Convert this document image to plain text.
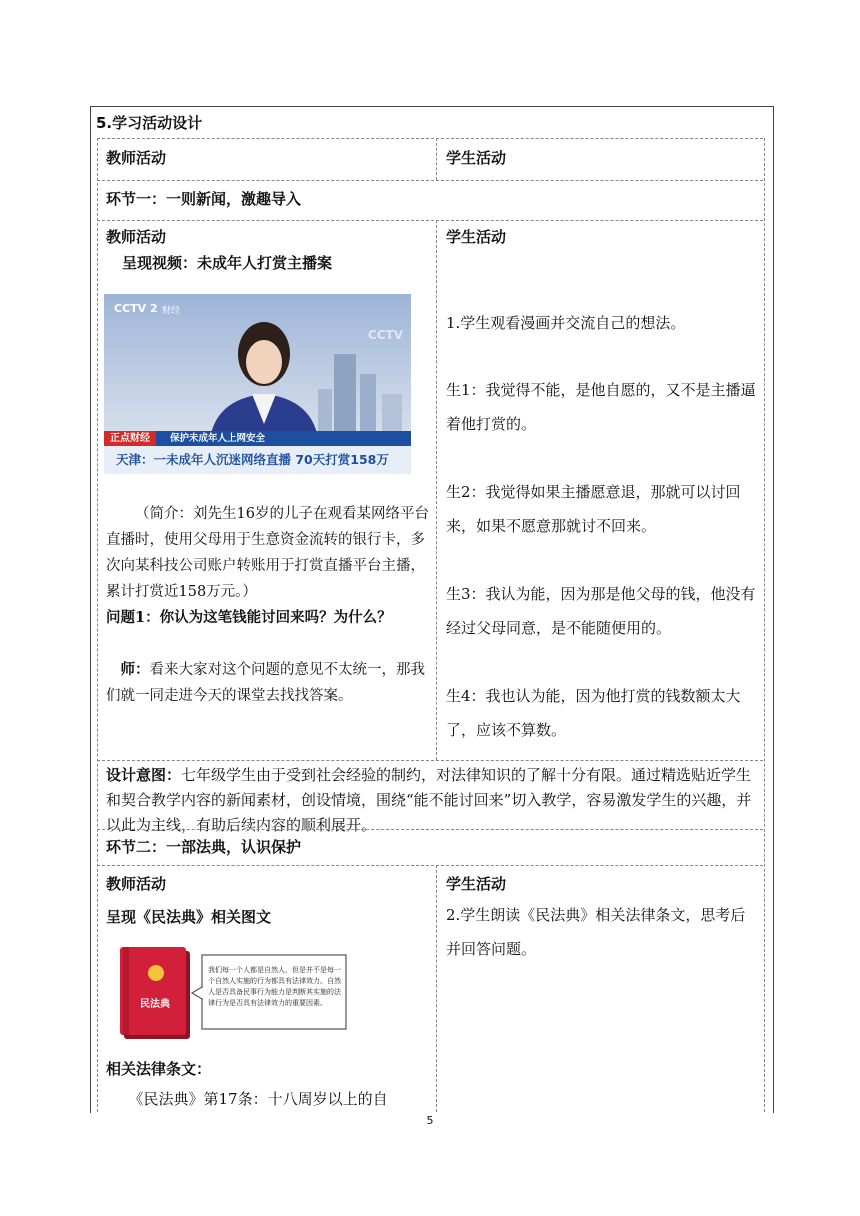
5.学习活动设计
教师活动	学生活动
环节一：一则新闻，激趣导入
教师活动
呈现视频：未成年人打赏主播案
CCTV 2 财经
CCTV
正点财经	保护未成年人上网安全
天津：一未成年人沉迷网络直播 70天打赏158万
（简介：刘先生16岁的儿子在观看某网络平台直播时，使用父母用于生意资金流转的银行卡，多次向某科技公司账户转账用于打赏直播平台主播，累计打赏近158万元。）
问题1：你认为这笔钱能讨回来吗？为什么？
师：看来大家对这个问题的意见不太统一，那我们就一同走进今天的课堂去找找答案。
学生活动
1.学生观看漫画并交流自己的想法。
生1：我觉得不能，是他自愿的，又不是主播逼着他打赏的。
生2：我觉得如果主播愿意退，那就可以讨回来，如果不愿意那就讨不回来。
生3：我认为能，因为那是他父母的钱，他没有经过父母同意，是不能随便用的。
生4：我也认为能，因为他打赏的钱数额太大了，应该不算数。
设计意图：七年级学生由于受到社会经验的制约，对法律知识的了解十分有限。通过精选贴近学生和契合教学内容的新闻素材，创设情境，围绕“能不能讨回来”切入教学，容易激发学生的兴趣，并以此为主线，有助后续内容的顺利展开。
环节二：一部法典，认识保护
教师活动
呈现《民法典》相关图文
民法典
我们每一个人都是自然人，但是并不是每一个自然人实施的行为都具有法律效力。自然人是否具备民事行为能力是判断其实施的法律行为是否具有法律效力的重要因素。
相关法律条文：
《民法典》第17条：十八周岁以上的自
学生活动
2.学生朗读《民法典》相关法律条文，思考后并回答问题。
5
